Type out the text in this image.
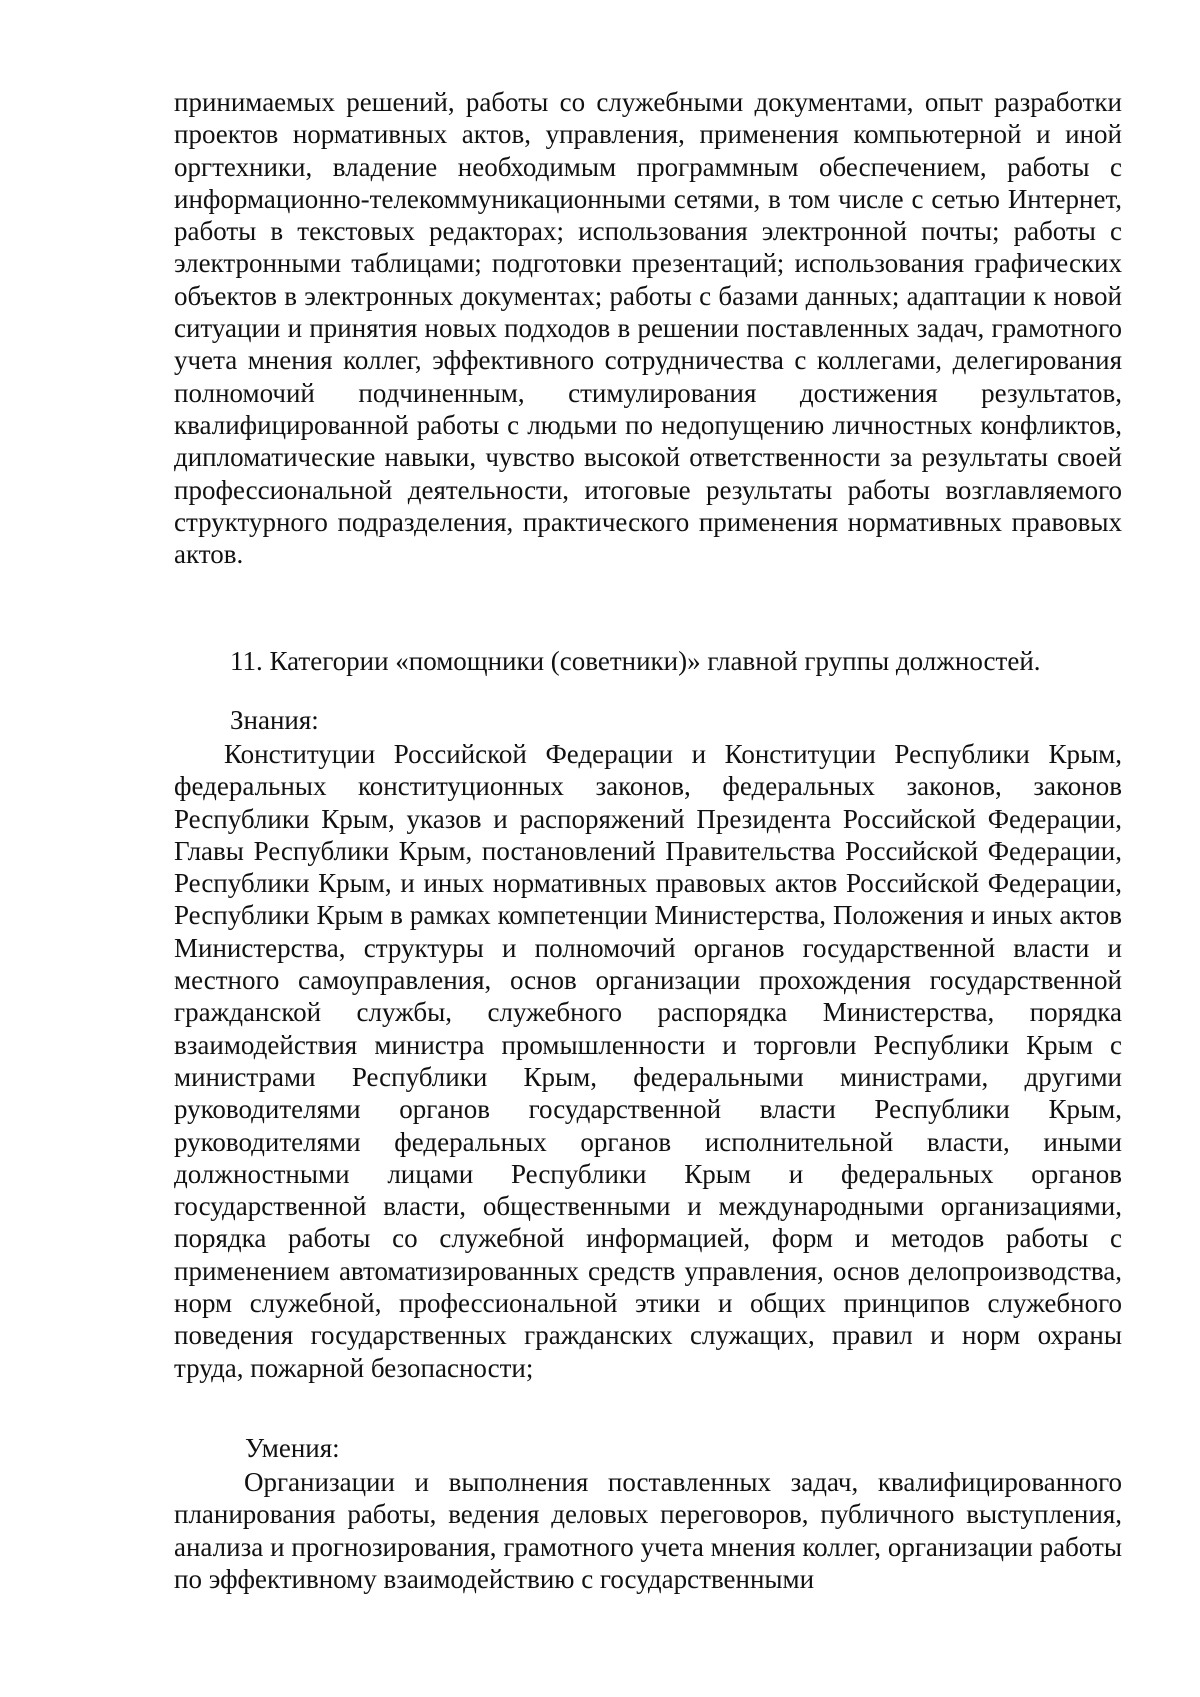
принимаемых решений, работы со служебными документами, опыт разработки проектов нормативных актов, управления, применения компьютерной и иной оргтехники, владение необходимым программным обеспечением, работы с информационно-телекоммуникационными сетями, в том числе с сетью Интернет, работы в текстовых редакторах; использования электронной почты; работы с электронными таблицами; подготовки презентаций; использования графических объектов в электронных документах; работы с базами данных; адаптации к новой ситуации и принятия новых подходов в решении поставленных задач, грамотного учета мнения коллег, эффективного сотрудничества с коллегами, делегирования полномочий подчиненным, стимулирования достижения результатов, квалифицированной работы с людьми по недопущению личностных конфликтов, дипломатические навыки, чувство высокой ответственности за результаты своей профессиональной деятельности, итоговые результаты работы возглавляемого структурного подразделения, практического применения нормативных правовых актов.

11. Категории «помощники (советники)» главной группы должностей.
Знания:

Конституции Российской Федерации и Конституции Республики Крым, федеральных конституционных законов, федеральных законов, законов Республики Крым, указов и распоряжений Президента Российской Федерации, Главы Республики Крым, постановлений Правительства Российской Федерации, Республики Крым, и иных нормативных правовых актов Российской Федерации, Республики Крым в рамках компетенции Министерства, Положения и иных актов Министерства, структуры и полномочий органов государственной власти и местного самоуправления, основ организации прохождения государственной гражданской службы, служебного распорядка Министерства, порядка взаимодействия министра промышленности и торговли Республики Крым с министрами Республики Крым, федеральными министрами, другими руководителями органов государственной власти Республики Крым, руководителями федеральных органов исполнительной власти, иными должностными лицами Республики Крым и федеральных органов государственной власти, общественными и международными организациями, порядка работы со служебной информацией, форм и методов работы с применением автоматизированных средств управления, основ делопроизводства, норм служебной, профессиональной этики и общих принципов служебного поведения государственных гражданских служащих, правил и норм охраны труда, пожарной безопасности;

Умения:

Организации и выполнения поставленных задач, квалифицированного планирования работы, ведения деловых переговоров, публичного выступления, анализа и прогнозирования, грамотного учета мнения коллег, организации работы по эффективному взаимодействию с государственными
